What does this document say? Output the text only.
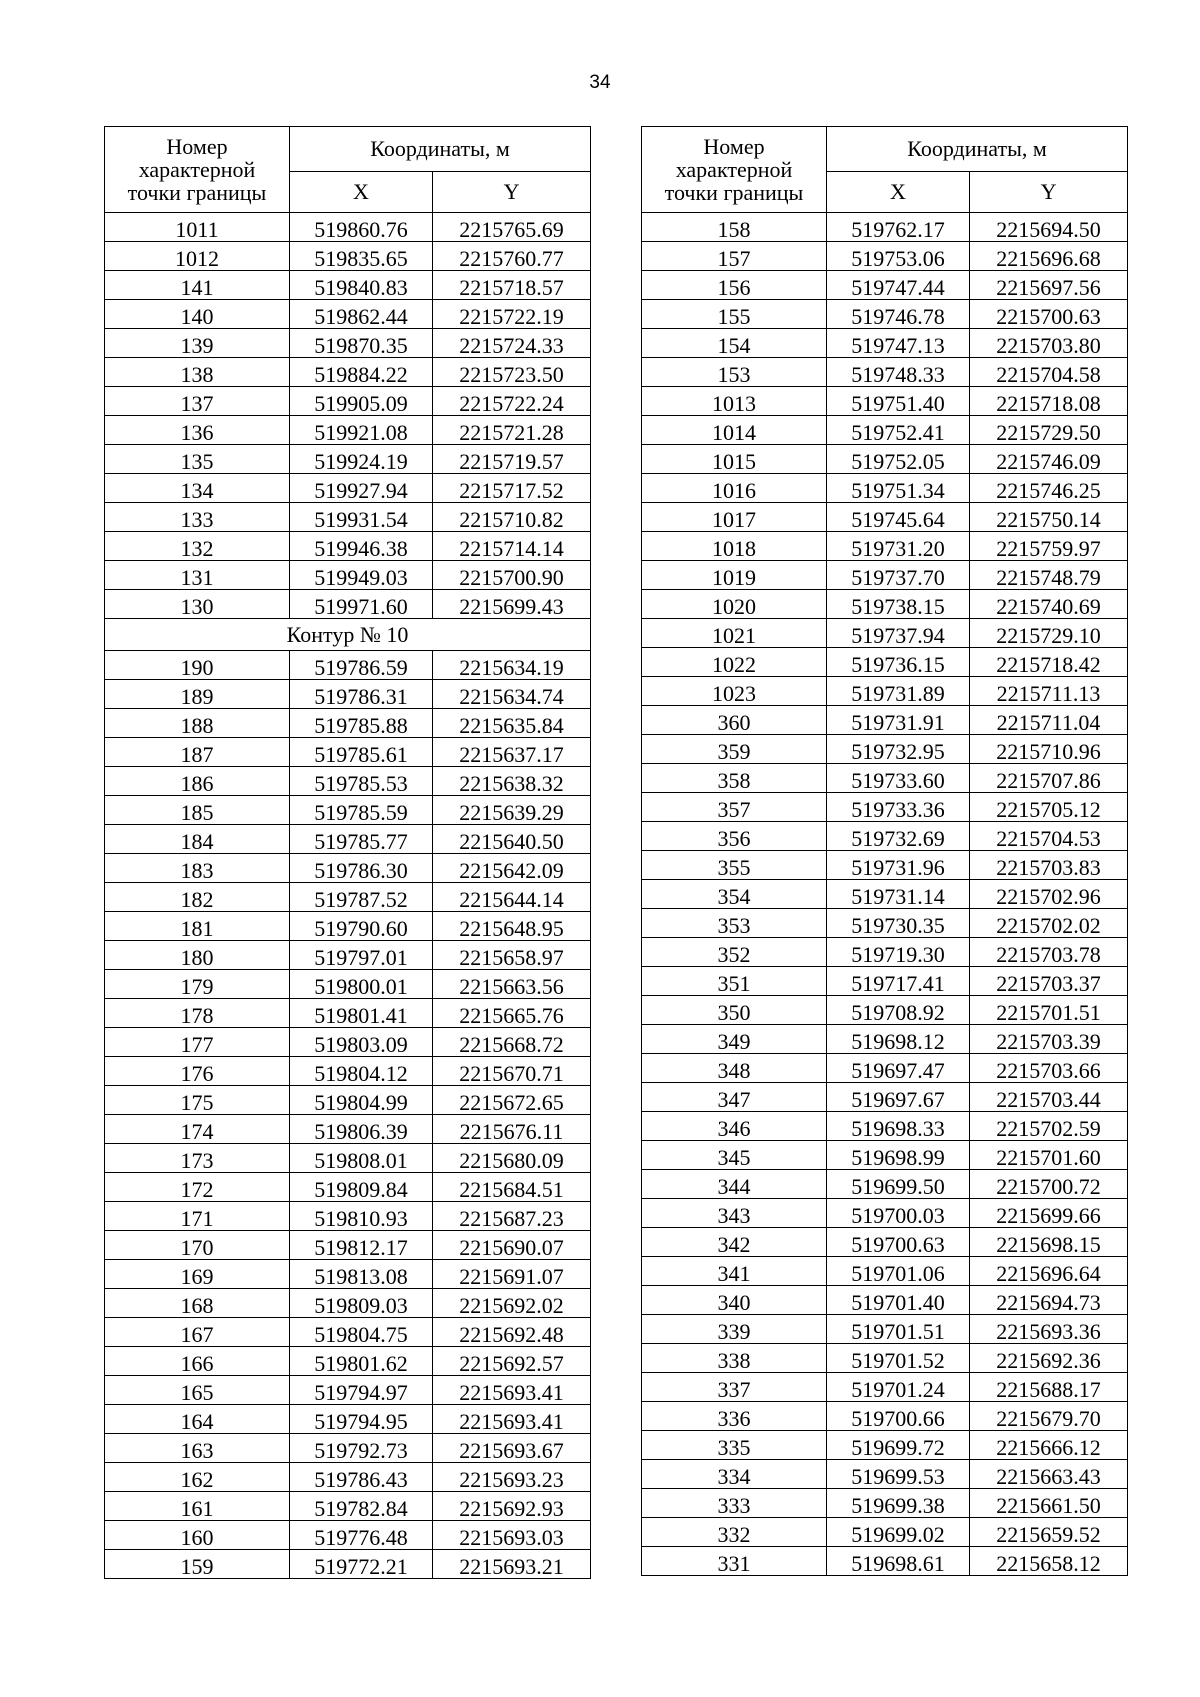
34
Номер
характерной
точки границы	Координаты, м	
	X	Y
1011	519860.76	2215765.69
1012	519835.65	2215760.77
141	519840.83	2215718.57
140	519862.44	2215722.19
139	519870.35	2215724.33
138	519884.22	2215723.50
137	519905.09	2215722.24
136	519921.08	2215721.28
135	519924.19	2215719.57
134	519927.94	2215717.52
133	519931.54	2215710.82
132	519946.38	2215714.14
131	519949.03	2215700.90
130	519971.60	2215699.43
Контур № 10		
190	519786.59	2215634.19
189	519786.31	2215634.74
188	519785.88	2215635.84
187	519785.61	2215637.17
186	519785.53	2215638.32
185	519785.59	2215639.29
184	519785.77	2215640.50
183	519786.30	2215642.09
182	519787.52	2215644.14
181	519790.60	2215648.95
180	519797.01	2215658.97
179	519800.01	2215663.56
178	519801.41	2215665.76
177	519803.09	2215668.72
176	519804.12	2215670.71
175	519804.99	2215672.65
174	519806.39	2215676.11
173	519808.01	2215680.09
172	519809.84	2215684.51
171	519810.93	2215687.23
170	519812.17	2215690.07
169	519813.08	2215691.07
168	519809.03	2215692.02
167	519804.75	2215692.48
166	519801.62	2215692.57
165	519794.97	2215693.41
164	519794.95	2215693.41
163	519792.73	2215693.67
162	519786.43	2215693.23
161	519782.84	2215692.93
160	519776.48	2215693.03
159	519772.21	2215693.21
Номер
характерной
точки границы	Координаты, м	
	X	Y
158	519762.17	2215694.50
157	519753.06	2215696.68
156	519747.44	2215697.56
155	519746.78	2215700.63
154	519747.13	2215703.80
153	519748.33	2215704.58
1013	519751.40	2215718.08
1014	519752.41	2215729.50
1015	519752.05	2215746.09
1016	519751.34	2215746.25
1017	519745.64	2215750.14
1018	519731.20	2215759.97
1019	519737.70	2215748.79
1020	519738.15	2215740.69
1021	519737.94	2215729.10
1022	519736.15	2215718.42
1023	519731.89	2215711.13
360	519731.91	2215711.04
359	519732.95	2215710.96
358	519733.60	2215707.86
357	519733.36	2215705.12
356	519732.69	2215704.53
355	519731.96	2215703.83
354	519731.14	2215702.96
353	519730.35	2215702.02
352	519719.30	2215703.78
351	519717.41	2215703.37
350	519708.92	2215701.51
349	519698.12	2215703.39
348	519697.47	2215703.66
347	519697.67	2215703.44
346	519698.33	2215702.59
345	519698.99	2215701.60
344	519699.50	2215700.72
343	519700.03	2215699.66
342	519700.63	2215698.15
341	519701.06	2215696.64
340	519701.40	2215694.73
339	519701.51	2215693.36
338	519701.52	2215692.36
337	519701.24	2215688.17
336	519700.66	2215679.70
335	519699.72	2215666.12
334	519699.53	2215663.43
333	519699.38	2215661.50
332	519699.02	2215659.52
331	519698.61	2215658.12
